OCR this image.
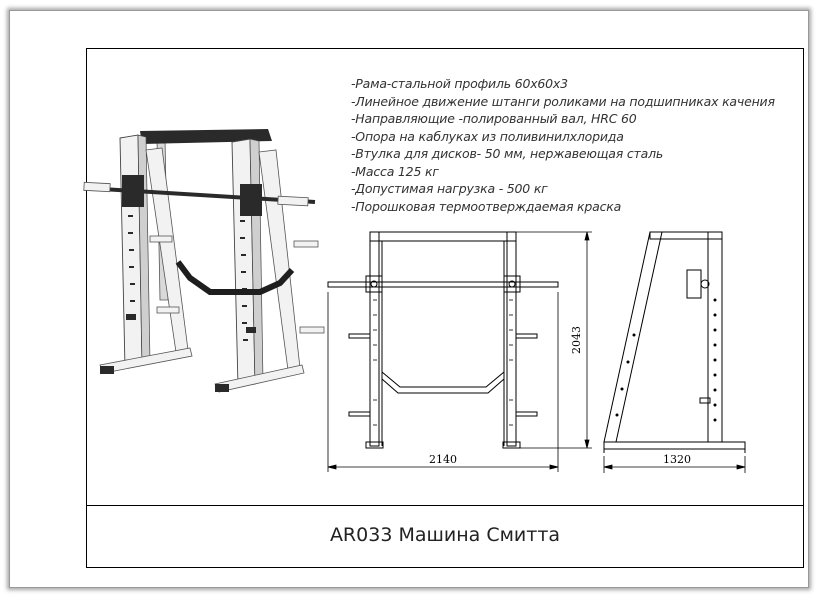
-Рама-стальной профиль 60х60х3
-Линейное движение штанги роликами на подшипниках качения
-Направляющие -полированный вал, HRC 60
-Опора на каблуках из поливинилхлорида
-Втулка для дисков- 50 мм, нержавеющая сталь
-Масса 125 кг
-Допустимая нагрузка - 500 кг
-Порошковая термоотверждаемая краска
AR033 Машина Смитта
2140
2043
1320
